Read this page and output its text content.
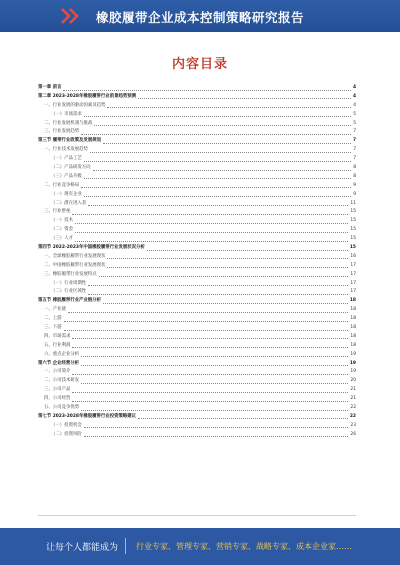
橡胶履带企业成本控制策略研究报告
内容目录
第一章 前言	4
第二章 2023-2028年橡胶履带行业前景趋势预测	4
一、行业发展的驱动因素及趋势	4
（一）市场需求	5
二、行业发展机遇与挑战	5
三、行业发展趋势	7
第三节 履带行业政策及发展规划	7
一、行业技术发展趋势	7
（一）产品工艺	7
（二）产品研发方向	8
（三）产品升级	8
二、行业竞争格局	9
（一）现有企业	9
（二）潜在进入者	11
三、行业壁垒	15
（一）技术	15
（二）资金	15
（三）人才	15
第四节 2022-2023年中国橡胶履带行业发展状况分析	15
一、全球橡胶履带行业发展现状	16
二、中国橡胶履带行业发展现状	17
三、橡胶履带行业发展特点	17
（一）行业周期性	17
（二）行业区域性	17
第五节 橡胶履带行业产业链分析	18
一、产业链	18
二、上游	18
三、下游	18
四、市场需求	18
五、行业利润	18
六、重点企业分析	19
第六节 企业经营分析	19
一、公司简介	19
二、公司技术研发	20
三、公司产品	21
四、公司经营	21
五、公司竞争优势	22
第七节 2023-2028年橡胶履带行业投资策略建议	22
（一）投资机会	23
（二）投资风险	26
让每个人都能成为 行业专家、管理专家、营销专家、战略专家、成本企业家……
